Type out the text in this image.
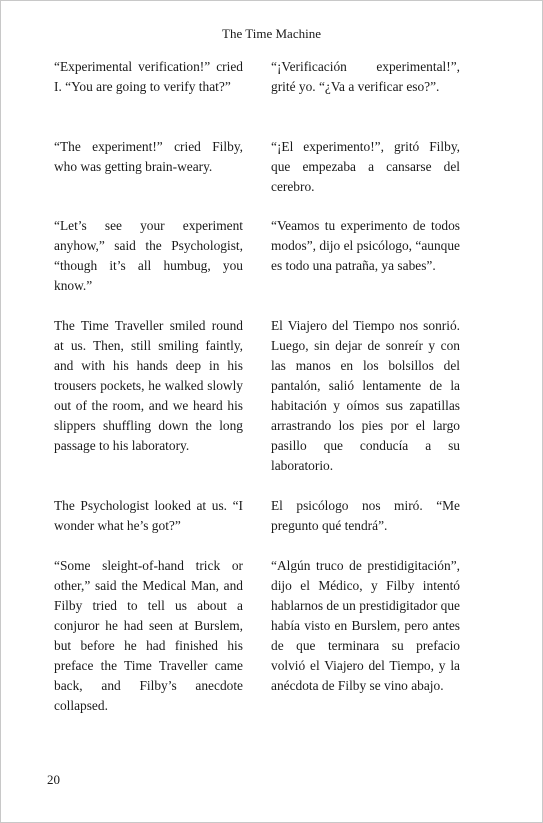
The Time Machine

“Experimental verification!” cried I. “You are going to verify that?”

“¡Verificación experimental!”, grité yo. “¿Va a verificar eso?”.

“The experiment!” cried Filby, who was getting brain-weary.

“¡El experimento!”, gritó Filby, que empezaba a cansarse del cerebro.

“Let’s see your experiment anyhow,” said the Psychologist, “though it’s all humbug, you know.”

“Veamos tu experimento de todos modos”, dijo el psicólogo, “aunque es todo una patraña, ya sabes”.

The Time Traveller smiled round at us. Then, still smiling faintly, and with his hands deep in his trousers pockets, he walked slowly out of the room, and we heard his slippers shuffling down the long passage to his laboratory.

El Viajero del Tiempo nos sonrió. Luego, sin dejar de sonreír y con las manos en los bolsillos del pantalón, salió lentamente de la habitación y oímos sus zapatillas arrastrando los pies por el largo pasillo que conducía a su laboratorio.

The Psychologist looked at us. “I wonder what he’s got?”

El psicólogo nos miró. “Me pregunto qué tendrá”.

“Some sleight-of-hand trick or other,” said the Medical Man, and Filby tried to tell us about a conjuror he had seen at Burslem, but before he had finished his preface the Time Traveller came back, and Filby’s anecdote collapsed.

“Algún truco de prestidigitación”, dijo el Médico, y Filby intentó hablarnos de un prestidigitador que había visto en Burslem, pero antes de que terminara su prefacio volvió el Viajero del Tiempo, y la anécdota de Filby se vino abajo.

20
